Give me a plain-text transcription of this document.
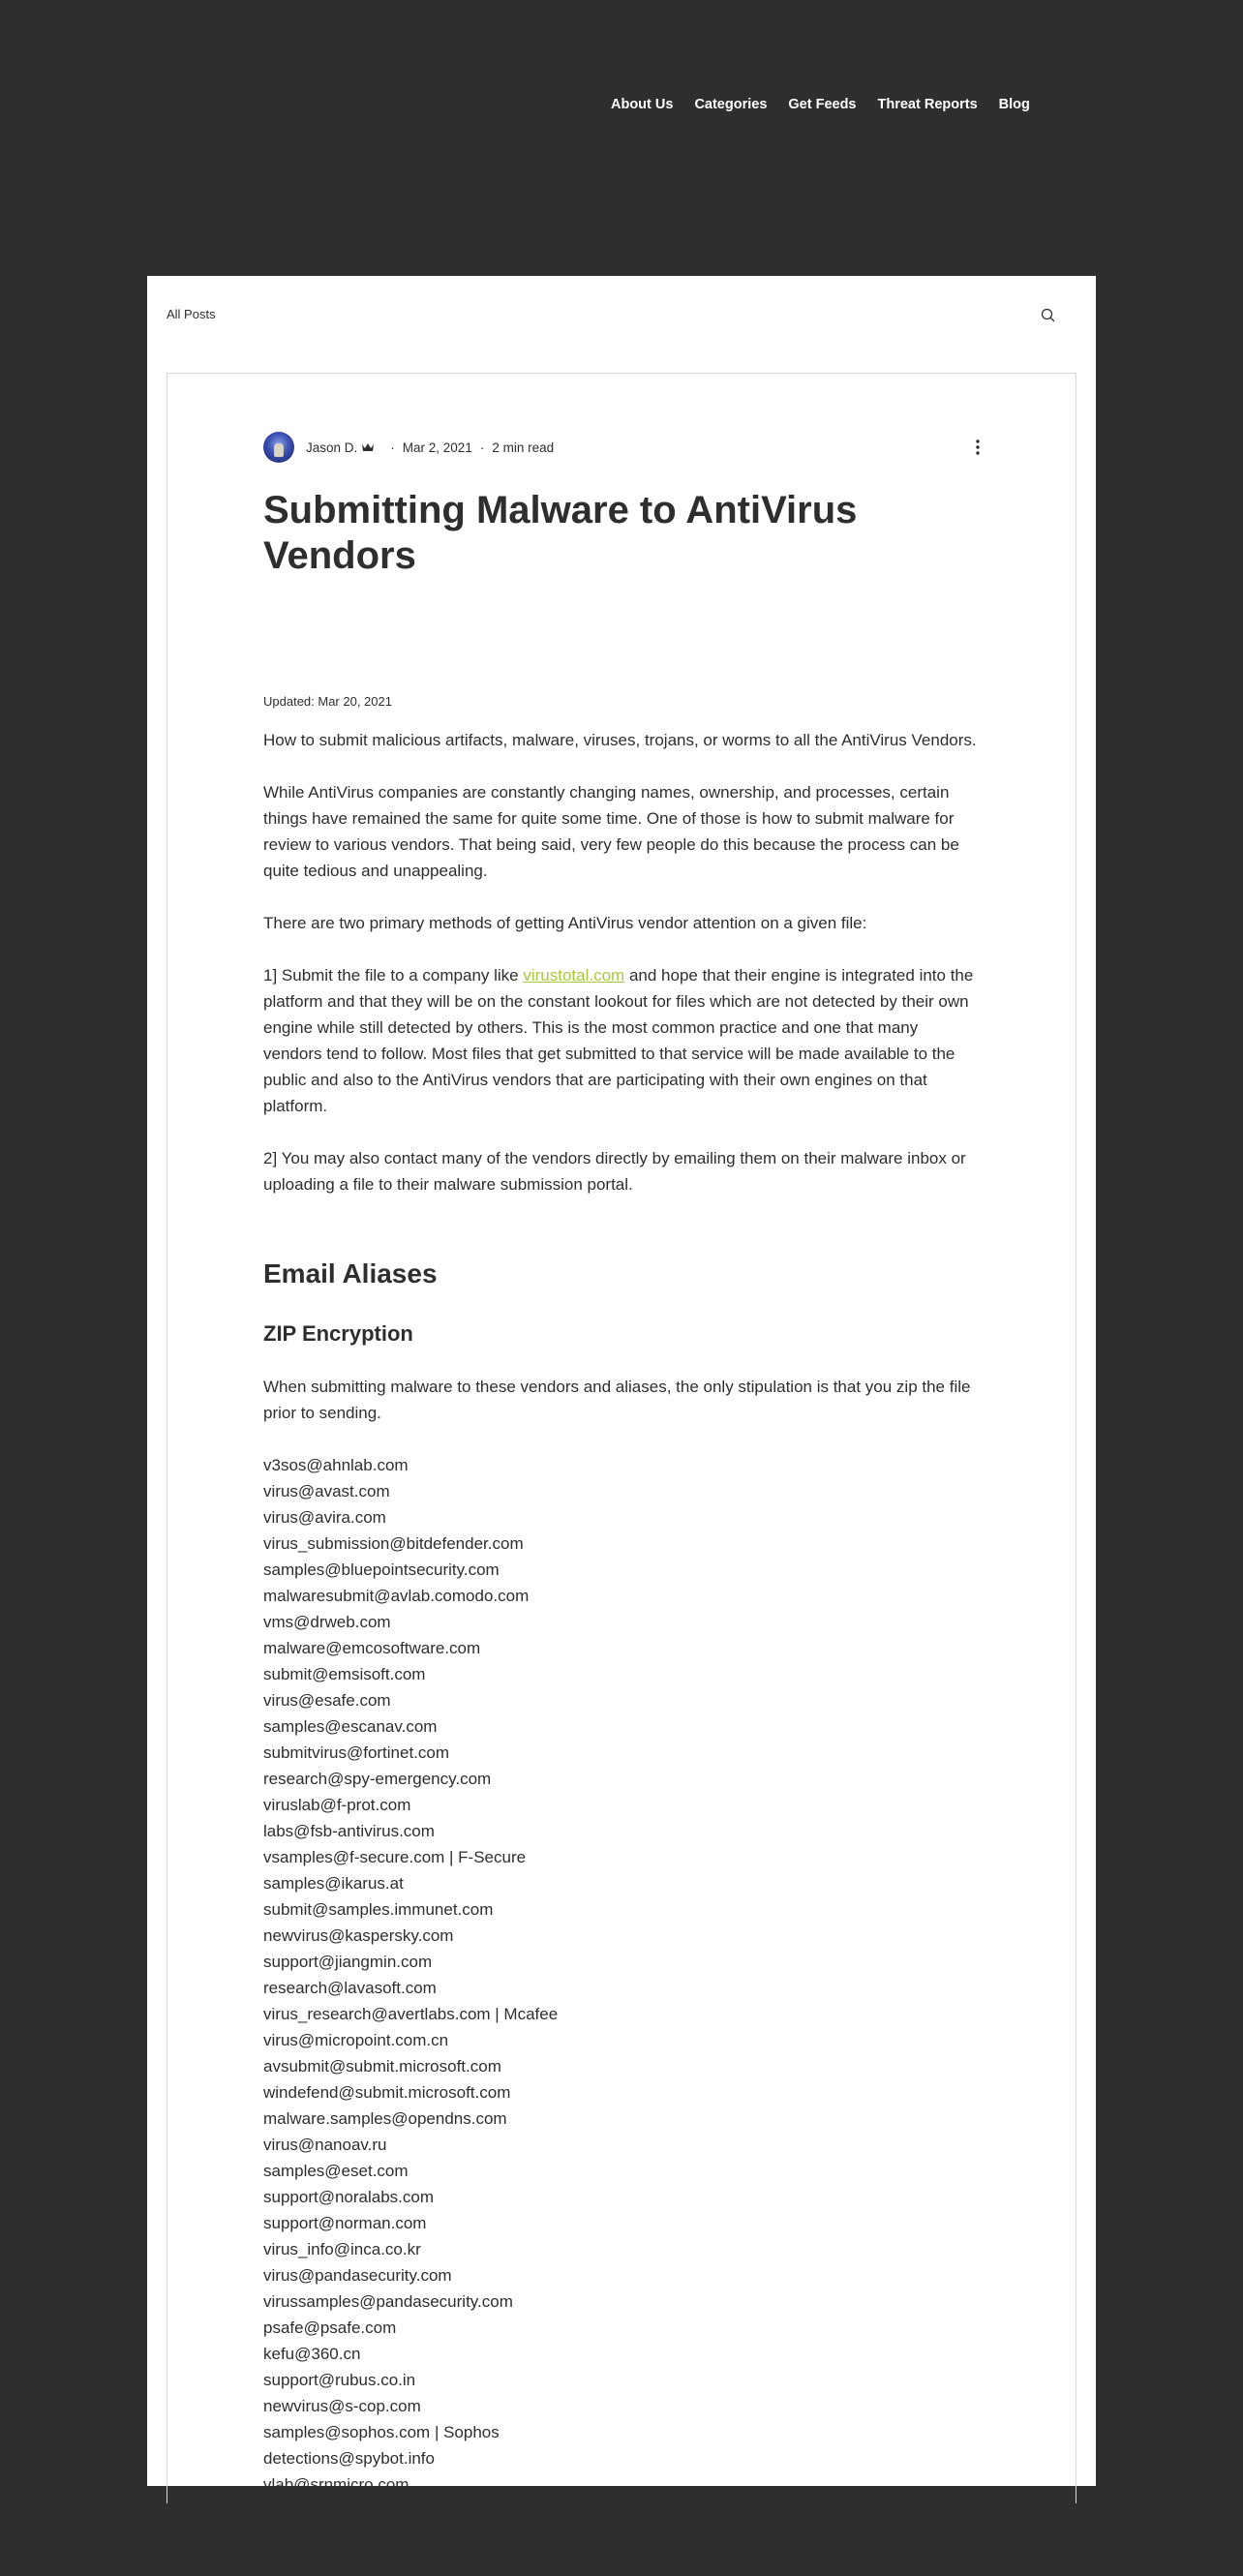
About Us Categories Get Feeds Threat Reports Blog
All Posts
Jason D.	· Mar 2, 2021 · 2 min read
Submitting Malware to AntiVirus Vendors
Updated: Mar 20, 2021

How to submit malicious artifacts, malware, viruses, trojans, or worms to all the AntiVirus Vendors.

While AntiVirus companies are constantly changing names, ownership, and processes, certain things have remained the same for quite some time. One of those is how to submit malware for review to various vendors. That being said, very few people do this because the process can be quite tedious and unappealing.

There are two primary methods of getting AntiVirus vendor attention on a given file:

1] Submit the file to a company like virustotal.com and hope that their engine is integrated into the platform and that they will be on the constant lookout for files which are not detected by their own engine while still detected by others. This is the most common practice and one that many vendors tend to follow. Most files that get submitted to that service will be made available to the public and also to the AntiVirus vendors that are participating with their own engines on that platform.

2] You may also contact many of the vendors directly by emailing them on their malware inbox or uploading a file to their malware submission portal.

Email Aliases
ZIP Encryption

When submitting malware to these vendors and aliases, the only stipulation is that you zip the file prior to sending.

v3sos@ahnlab.com
virus@avast.com
virus@avira.com
virus_submission@bitdefender.com
samples@bluepointsecurity.com
malwaresubmit@avlab.comodo.com
vms@drweb.com
malware@emcosoftware.com
submit@emsisoft.com
virus@esafe.com
samples@escanav.com
submitvirus@fortinet.com
research@spy-emergency.com
viruslab@f-prot.com
labs@fsb-antivirus.com
vsamples@f-secure.com | F-Secure
samples@ikarus.at
submit@samples.immunet.com
newvirus@kaspersky.com
support@jiangmin.com
research@lavasoft.com
virus_research@avertlabs.com | Mcafee
virus@micropoint.com.cn
avsubmit@submit.microsoft.com
windefend@submit.microsoft.com
malware.samples@opendns.com
virus@nanoav.ru
samples@eset.com
support@noralabs.com
support@norman.com
virus_info@inca.co.kr
virus@pandasecurity.com
virussamples@pandasecurity.com
psafe@psafe.com
kefu@360.cn
support@rubus.co.in
newvirus@s-cop.com
samples@sophos.com | Sophos
detections@spybot.info
vlab@srnmicro.com
avsubmit@symantec.com
virus@hacksoft.com.pe
virus@thirtyseven4.com
